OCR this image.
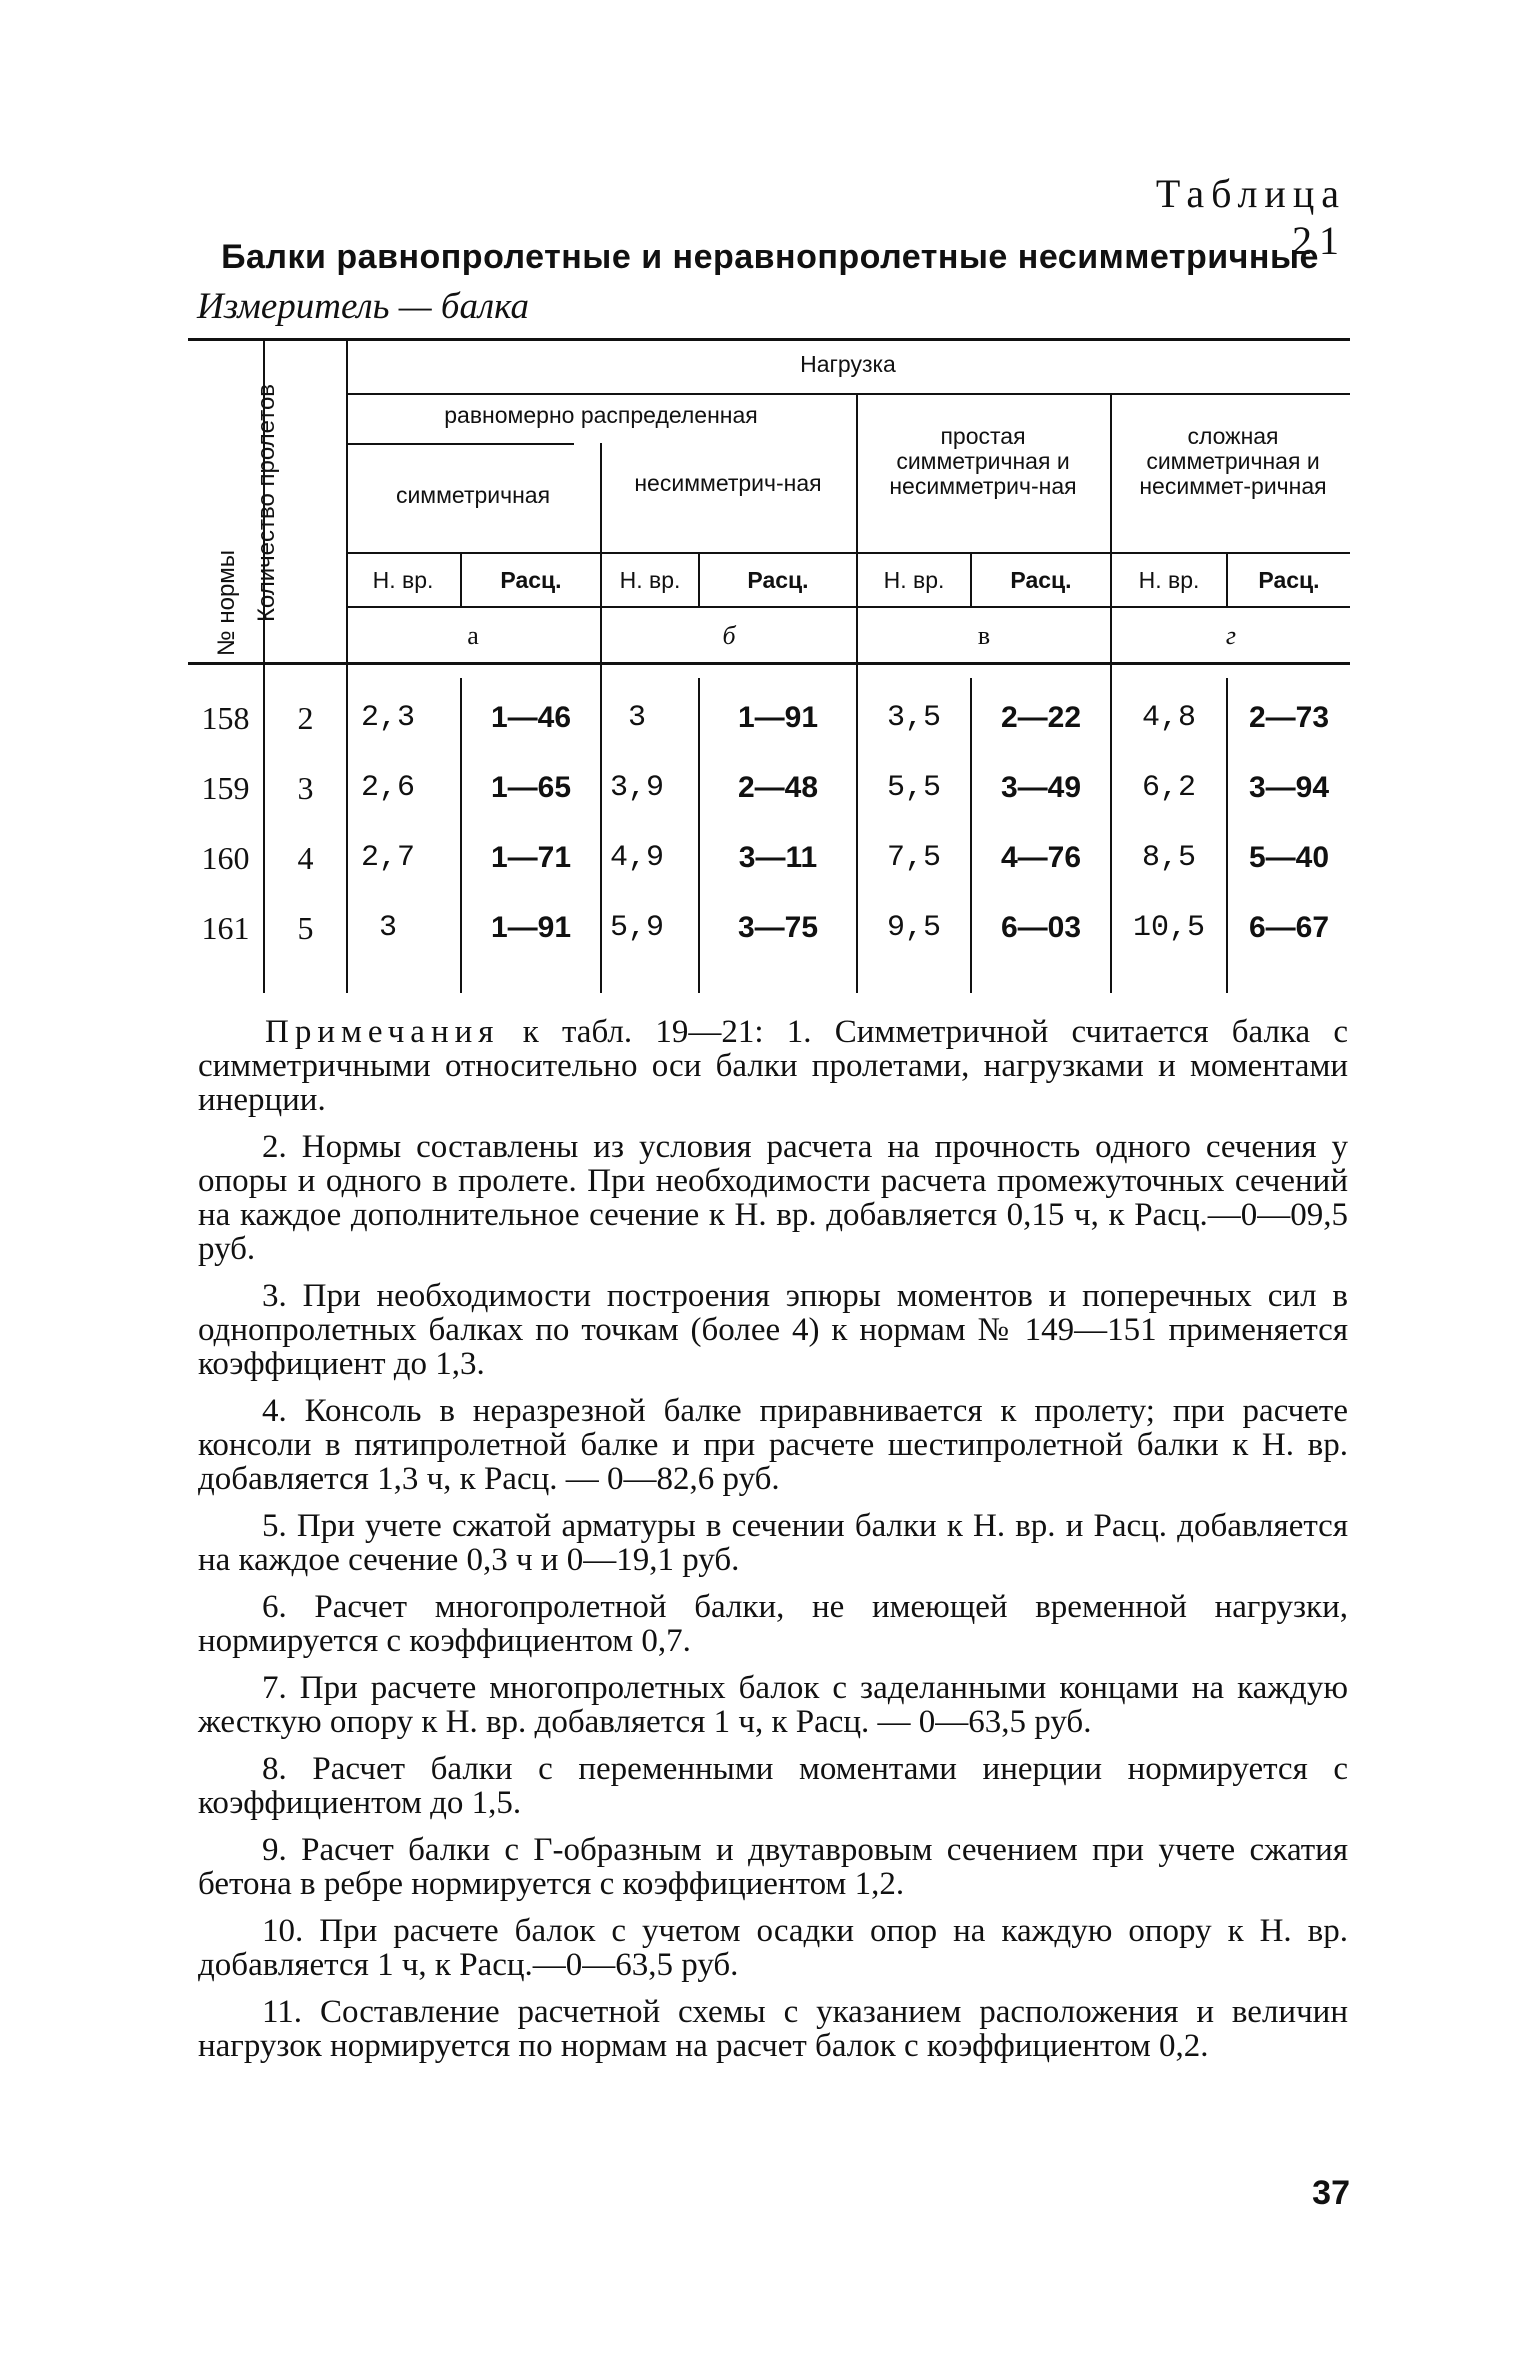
Таблица 21
Балки равнопролетные и неравнопролетные несимметричные
Измеритель — балка
№ нормы Количество пролетов
Нагрузка
равномерно распределенная
симметричная	несимметрич-ная
простая симметричная и несимметрич-ная
сложная симметричная и несиммет-ричная
Н. вр.	Расц.	Н. вр.	Расц.	Н. вр.	Расц.	Н. вр.	Расц.
а	б	в	г
158	2	2,3	1—46	3	1—91	3,5	2—22	4,8	2—73
159	3	2,6	1—65	3,9	2—48	5,5	3—49	6,2	3—94
160	4	2,7	1—71	4,9	3—11	7,5	4—76	8,5	5—40
161	5	3	1—91	5,9	3—75	9,5	6—03	10,5	6—67

Примечания к табл. 19—21: 1. Симметричной считается балка с симметричными относительно оси балки пролетами, нагрузками и моментами инерции.

2. Нормы составлены из условия расчета на прочность одного сечения у опоры и одного в пролете. При необходимости расчета промежуточных сечений на каждое дополнительное сечение к Н. вр. добавляется 0,15 ч, к Расц.—0—09,5 руб.

3. При необходимости построения эпюры моментов и поперечных сил в однопролетных балках по точкам (более 4) к нормам № 149—151 применяется коэффициент до 1,3.

4. Консоль в неразрезной балке приравнивается к пролету; при расчете консоли в пятипролетной балке и при расчете шестипролетной балки к Н. вр. добавляется 1,3 ч, к Расц. — 0—82,6 руб.

5. При учете сжатой арматуры в сечении балки к Н. вр. и Расц. добавляется на каждое сечение 0,3 ч и 0—19,1 руб.

6. Расчет многопролетной балки, не имеющей временной нагрузки, нормируется с коэффициентом 0,7.

7. При расчете многопролетных балок с заделанными концами на каждую жесткую опору к Н. вр. добавляется 1 ч, к Расц. — 0—63,5 руб.

8. Расчет балки с переменными моментами инерции нормируется с коэффициентом до 1,5.

9. Расчет балки с Г-образным и двутавровым сечением при учете сжатия бетона в ребре нормируется с коэффициентом 1,2.

10. При расчете балок с учетом осадки опор на каждую опору к Н. вр. добавляется 1 ч, к Расц.—0—63,5 руб.

11. Составление расчетной схемы с указанием расположения и величин нагрузок нормируется по нормам на расчет балок с коэффициентом 0,2.

37
